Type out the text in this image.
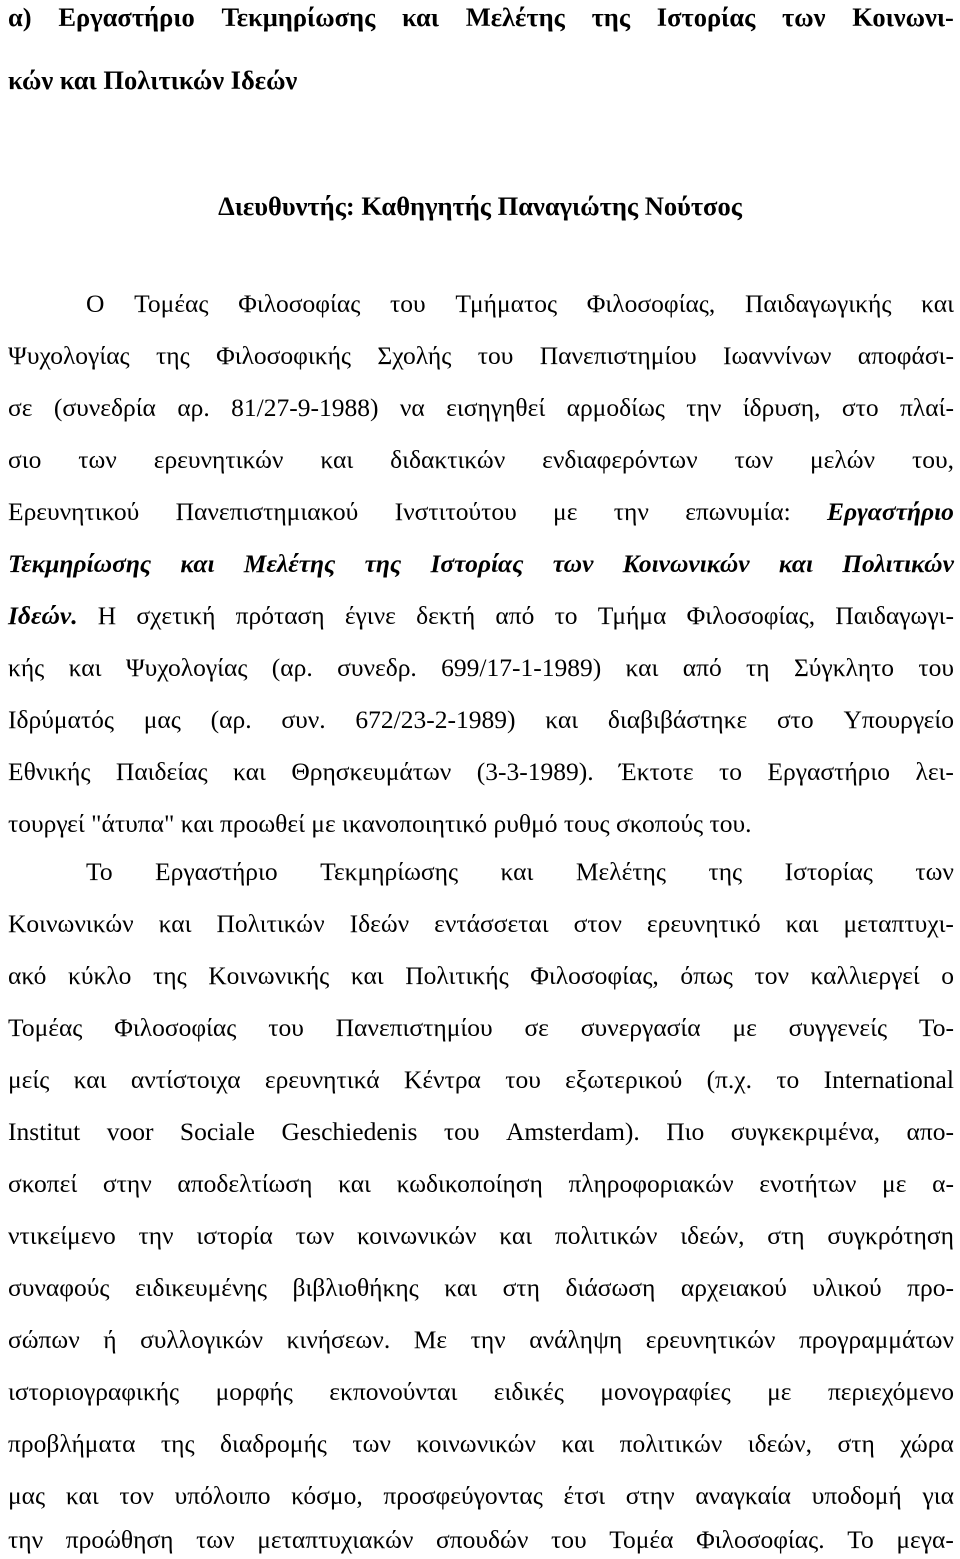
α) Εργαστήριο Τεκμηρίωσης και Μελέτης της Ιστορίας των Κοινωνι-

κών και Πολιτικών Ιδεών

Διευθυντής: Καθηγητής Παναγιώτης Νούτσος

Ο Τομέας Φιλοσοφίας του Τμήματος Φιλοσοφίας, Παιδαγωγικής και

Ψυχολογίας της Φιλοσοφικής Σχολής του Πανεπιστημίου Ιωαννίνων αποφάσι-

σε (συνεδρία αρ. 81/27-9-1988) να εισηγηθεί αρμοδίως την ίδρυση, στο πλαί-

σιο των ερευνητικών και διδακτικών ενδιαφερόντων των μελών του,

Ερευνητικού Πανεπιστημιακού Ινστιτούτου με την επωνυμία: Εργαστήριο

Τεκμηρίωσης και Μελέτης της Ιστορίας των Κοινωνικών και Πολιτικών

Ιδεών. Η σχετική πρόταση έγινε δεκτή από το Τμήμα Φιλοσοφίας, Παιδαγωγι-

κής και Ψυχολογίας (αρ. συνεδρ. 699/17-1-1989) και από τη Σύγκλητο του

Ιδρύματός μας (αρ. συν. 672/23-2-1989) και διαβιβάστηκε στο Υπουργείο

Εθνικής Παιδείας και Θρησκευμάτων (3-3-1989). Έκτοτε το Εργαστήριο λει-

τουργεί "άτυπα" και προωθεί με ικανοποιητικό ρυθμό τους σκοπούς του.

Το Εργαστήριο Τεκμηρίωσης και Μελέτης της Ιστορίας των

Κοινωνικών και Πολιτικών Ιδεών εντάσσεται στον ερευνητικό και μεταπτυχι-

ακό κύκλο της Κοινωνικής και Πολιτικής Φιλοσοφίας, όπως τον καλλιεργεί ο

Τομέας Φιλοσοφίας του Πανεπιστημίου σε συνεργασία με συγγενείς Το-

μείς και αντίστοιχα ερευνητικά Κέντρα του εξωτερικού (π.χ. το International

Institut voor Sociale Geschiedenis του Amsterdam). Πιο συγκεκριμένα, απο-

σκοπεί στην αποδελτίωση και κωδικοποίηση πληροφοριακών ενοτήτων με α-

ντικείμενο την ιστορία των κοινωνικών και πολιτικών ιδεών, στη συγκρότηση

συναφούς ειδικευμένης βιβλιοθήκης και στη διάσωση αρχειακού υλικού προ-

σώπων ή συλλογικών κινήσεων. Με την ανάληψη ερευνητικών προγραμμάτων

ιστοριογραφικής μορφής εκπονούνται ειδικές μονογραφίες με περιεχόμενο

προβλήματα της διαδρομής των κοινωνικών και πολιτικών ιδεών, στη χώρα

μας και τον υπόλοιπο κόσμο, προσφεύγοντας έτσι στην αναγκαία υποδομή για

την προώθηση των μεταπτυχιακών σπουδών του Τομέα Φιλοσοφίας. Το μεγα-
